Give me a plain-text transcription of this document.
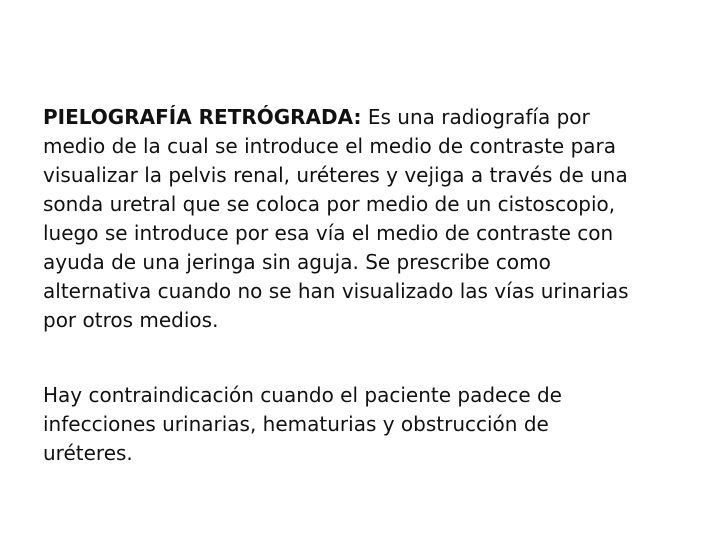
PIELOGRAFÍA RETRÓGRADA: Es una radiografía por
medio de la cual se introduce el medio de contraste para
visualizar la pelvis renal, uréteres y vejiga a través de una
sonda uretral que se coloca por medio de un cistoscopio,
luego se introduce por esa vía el medio de contraste con
ayuda de una jeringa sin aguja. Se prescribe como
alternativa cuando no se han visualizado las vías urinarias
por otros medios.
Hay contraindicación cuando el paciente padece de
infecciones urinarias, hematurias y obstrucción de
uréteres.
